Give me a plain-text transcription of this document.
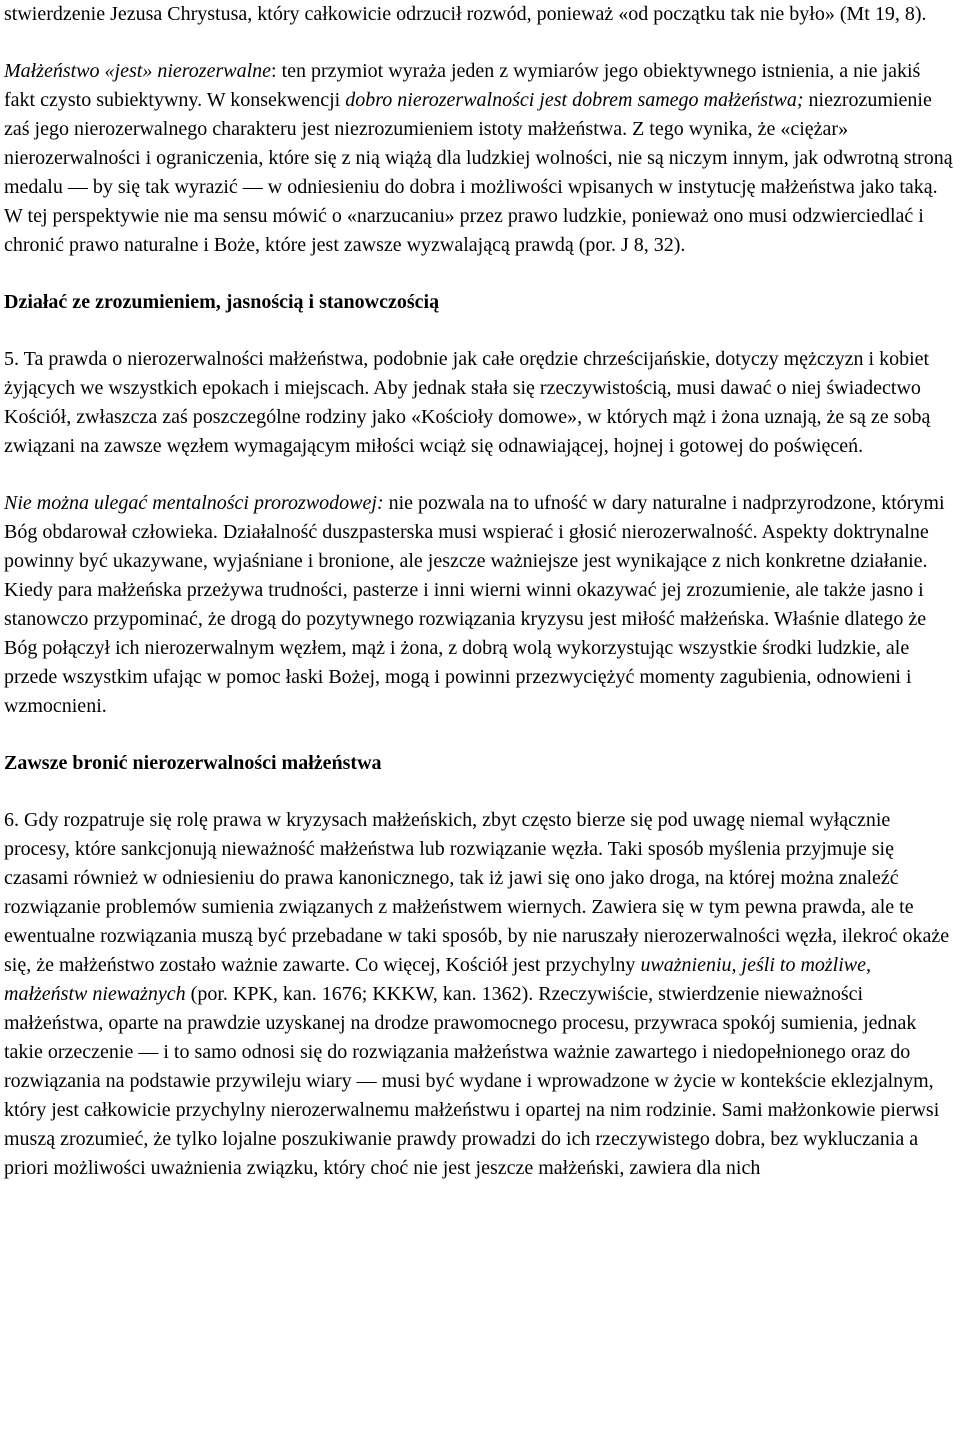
stwierdzenie Jezusa Chrystusa, który całkowicie odrzucił rozwód, ponieważ «od początku tak nie było» (Mt 19, 8).

Małżeństwo «jest» nierozerwalne: ten przymiot wyraża jeden z wymiarów jego obiektywnego istnienia, a nie jakiś fakt czysto subiektywny. W konsekwencji dobro nierozerwalności jest dobrem samego małżeństwa; niezrozumienie zaś jego nierozerwalnego charakteru jest niezrozumieniem istoty małżeństwa. Z tego wynika, że «ciężar» nierozerwalności i ograniczenia, które się z nią wiążą dla ludzkiej wolności, nie są niczym innym, jak odwrotną stroną medalu — by się tak wyrazić — w odniesieniu do dobra i możliwości wpisanych w instytucję małżeństwa jako taką. W tej perspektywie nie ma sensu mówić o «narzucaniu» przez prawo ludzkie, ponieważ ono musi odzwierciedlać i chronić prawo naturalne i Boże, które jest zawsze wyzwalającą prawdą (por. J 8, 32).

Działać ze zrozumieniem, jasnością i stanowczością

5. Ta prawda o nierozerwalności małżeństwa, podobnie jak całe orędzie chrześcijańskie, dotyczy mężczyzn i kobiet żyjących we wszystkich epokach i miejscach. Aby jednak stała się rzeczywistością, musi dawać o niej świadectwo Kościół, zwłaszcza zaś poszczególne rodziny jako «Kościoły domowe», w których mąż i żona uznają, że są ze sobą związani na zawsze węzłem wymagającym miłości wciąż się odnawiającej, hojnej i gotowej do poświęceń.

Nie można ulegać mentalności prorozwodowej: nie pozwala na to ufność w dary naturalne i nadprzyrodzone, którymi Bóg obdarował człowieka. Działalność duszpasterska musi wspierać i głosić nierozerwalność. Aspekty doktrynalne powinny być ukazywane, wyjaśniane i bronione, ale jeszcze ważniejsze jest wynikające z nich konkretne działanie. Kiedy para małżeńska przeżywa trudności, pasterze i inni wierni winni okazywać jej zrozumienie, ale także jasno i stanowczo przypominać, że drogą do pozytywnego rozwiązania kryzysu jest miłość małżeńska. Właśnie dlatego że Bóg połączył ich nierozerwalnym węzłem, mąż i żona, z dobrą wolą wykorzystując wszystkie środki ludzkie, ale przede wszystkim ufając w pomoc łaski Bożej, mogą i powinni przezwyciężyć momenty zagubienia, odnowieni i wzmocnieni.

Zawsze bronić nierozerwalności małżeństwa

6. Gdy rozpatruje się rolę prawa w kryzysach małżeńskich, zbyt często bierze się pod uwagę niemal wyłącznie procesy, które sankcjonują nieważność małżeństwa lub rozwiązanie węzła. Taki sposób myślenia przyjmuje się czasami również w odniesieniu do prawa kanonicznego, tak iż jawi się ono jako droga, na której można znaleźć rozwiązanie problemów sumienia związanych z małżeństwem wiernych. Zawiera się w tym pewna prawda, ale te ewentualne rozwiązania muszą być przebadane w taki sposób, by nie naruszały nierozerwalności węzła, ilekroć okaże się, że małżeństwo zostało ważnie zawarte. Co więcej, Kościół jest przychylny uważnieniu, jeśli to możliwe, małżeństw nieważnych (por. KPK, kan. 1676; KKKW, kan. 1362). Rzeczywiście, stwierdzenie nieważności małżeństwa, oparte na prawdzie uzyskanej na drodze prawomocnego procesu, przywraca spokój sumienia, jednak takie orzeczenie — i to samo odnosi się do rozwiązania małżeństwa ważnie zawartego i niedopełnionego oraz do rozwiązania na podstawie przywileju wiary — musi być wydane i wprowadzone w życie w kontekście eklezjalnym, który jest całkowicie przychylny nierozerwalnemu małżeństwu i opartej na nim rodzinie. Sami małżonkowie pierwsi muszą zrozumieć, że tylko lojalne poszukiwanie prawdy prowadzi do ich rzeczywistego dobra, bez wykluczania a priori możliwości uważnienia związku, który choć nie jest jeszcze małżeński, zawiera dla nich
